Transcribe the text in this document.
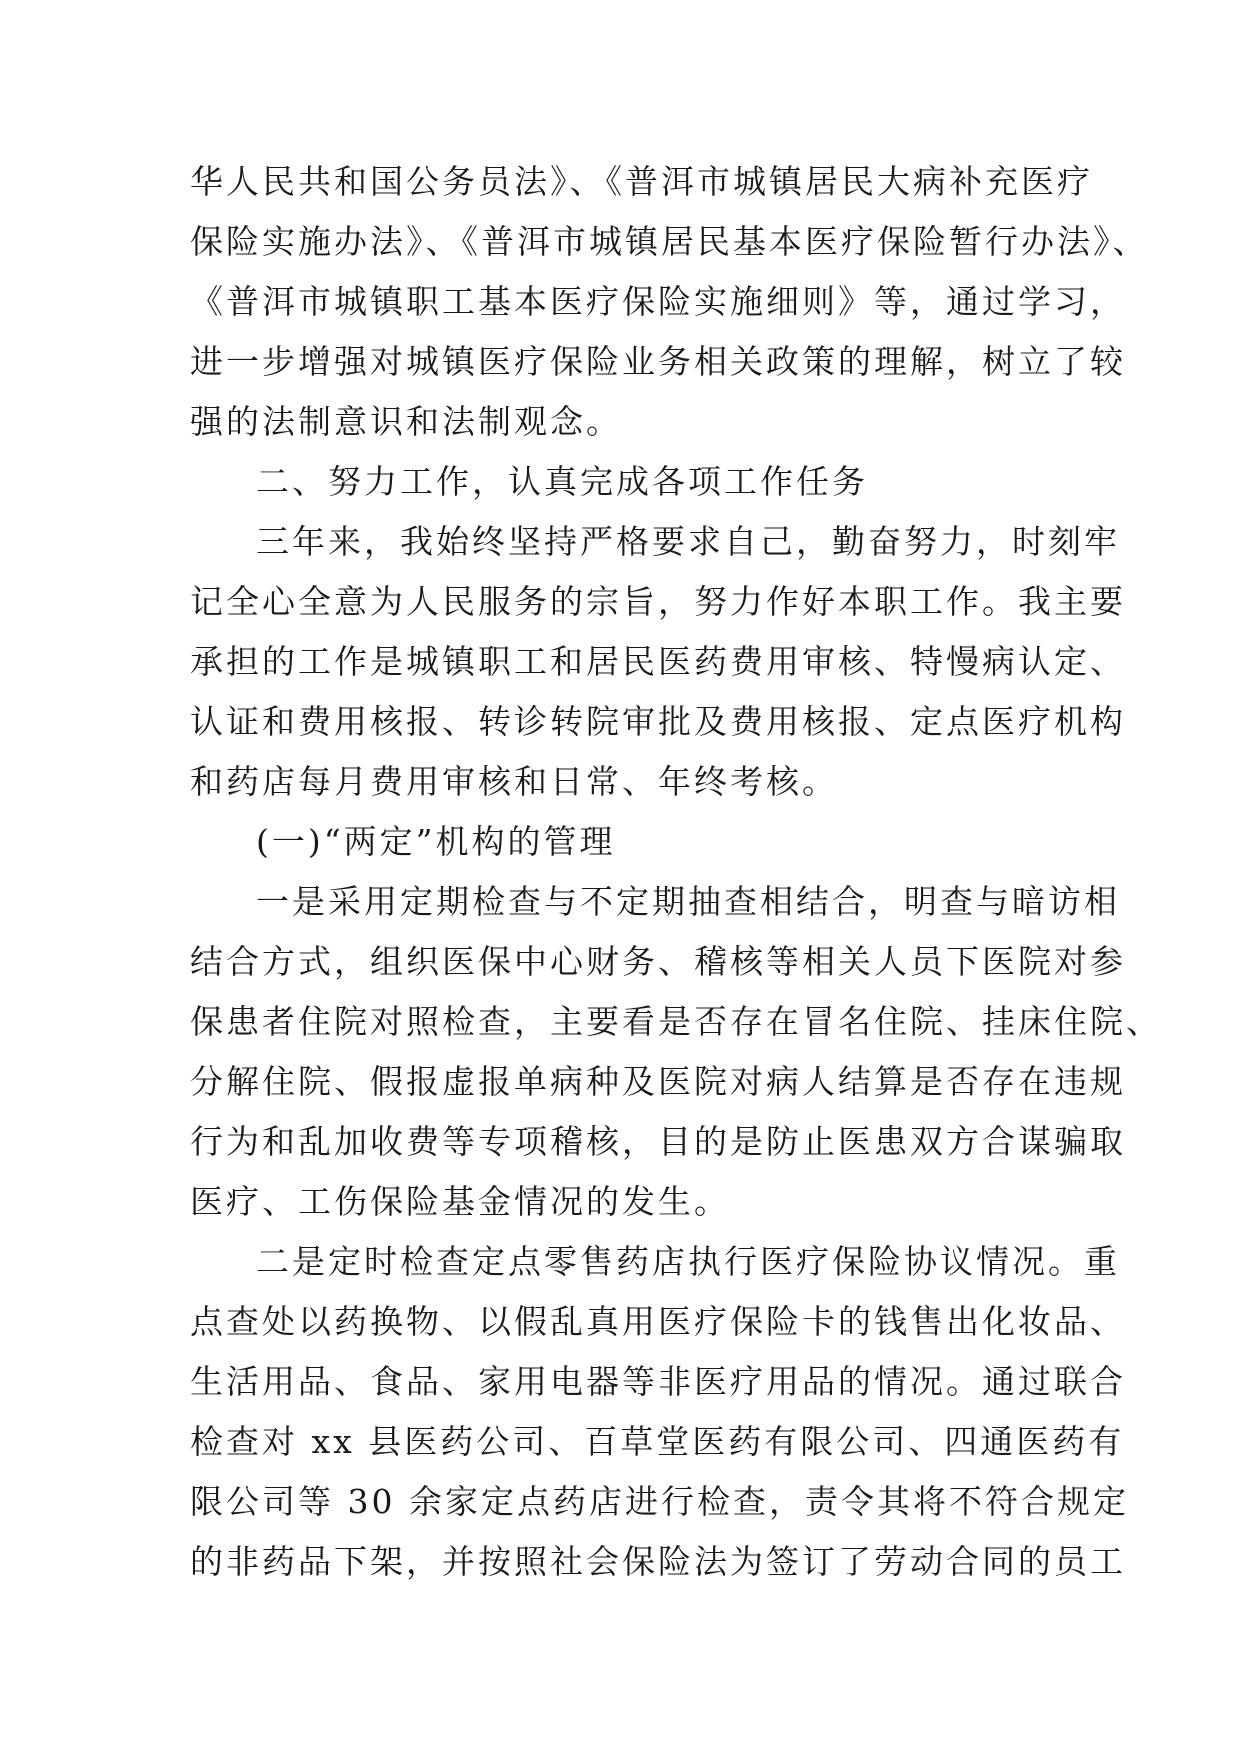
华人民共和国公务员法》、《普洱市城镇居民大病补充医疗
保险实施办法》、《普洱市城镇居民基本医疗保险暂行办法》、
《普洱市城镇职工基本医疗保险实施细则》等，通过学习，
进一步增强对城镇医疗保险业务相关政策的理解，树立了较
强的法制意识和法制观念。
二、努力工作，认真完成各项工作任务
三年来，我始终坚持严格要求自己，勤奋努力，时刻牢
记全心全意为人民服务的宗旨，努力作好本职工作。我主要
承担的工作是城镇职工和居民医药费用审核、特慢病认定、
认证和费用核报、转诊转院审批及费用核报、定点医疗机构
和药店每月费用审核和日常、年终考核。
(一)“两定”机构的管理
一是采用定期检查与不定期抽查相结合，明查与暗访相
结合方式，组织医保中心财务、稽核等相关人员下医院对参
保患者住院对照检查，主要看是否存在冒名住院、挂床住院、
分解住院、假报虚报单病种及医院对病人结算是否存在违规
行为和乱加收费等专项稽核，目的是防止医患双方合谋骗取
医疗、工伤保险基金情况的发生。
二是定时检查定点零售药店执行医疗保险协议情况。重
点查处以药换物、以假乱真用医疗保险卡的钱售出化妆品、
生活用品、食品、家用电器等非医疗用品的情况。通过联合
检查对 xx 县医药公司、百草堂医药有限公司、四通医药有
限公司等 30 余家定点药店进行检查，责令其将不符合规定
的非药品下架，并按照社会保险法为签订了劳动合同的员工
